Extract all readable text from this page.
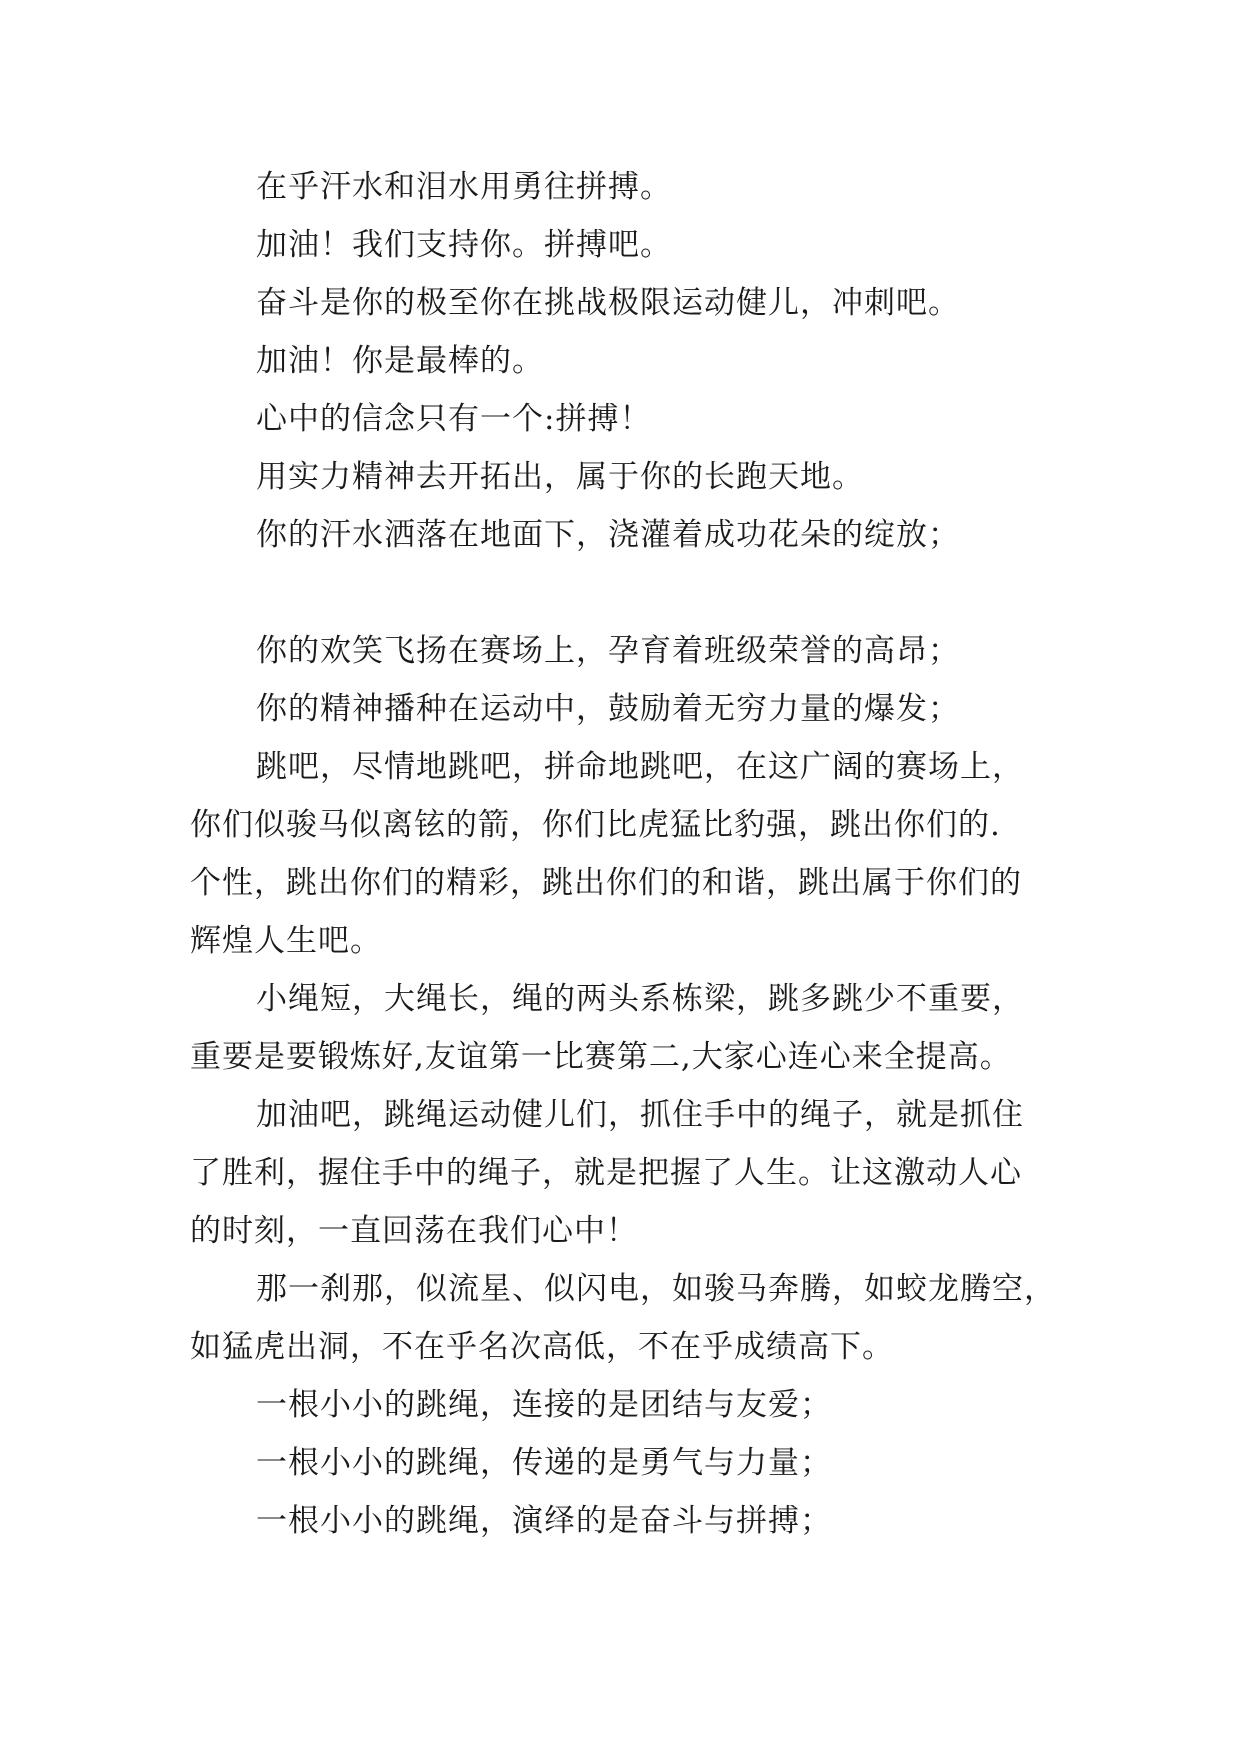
在乎汗水和泪水用勇往拼搏。

加油！我们支持你。拼搏吧。

奋斗是你的极至你在挑战极限运动健儿，冲刺吧。

加油！你是最棒的。

心中的信念只有一个:拼搏！

用实力精神去开拓出，属于你的长跑天地。

你的汗水洒落在地面下，浇灌着成功花朵的绽放；

你的欢笑飞扬在赛场上，孕育着班级荣誉的高昂；

你的精神播种在运动中，鼓励着无穷力量的爆发；

跳吧，尽情地跳吧，拼命地跳吧，在这广阔的赛场上，

你们似骏马似离铉的箭，你们比虎猛比豹强，跳出你们的.

个性，跳出你们的精彩，跳出你们的和谐，跳出属于你们的

辉煌人生吧。

小绳短，大绳长，绳的两头系栋梁，跳多跳少不重要，

重要是要锻炼好,友谊第一比赛第二,大家心连心来全提高。

加油吧，跳绳运动健儿们，抓住手中的绳子，就是抓住

了胜利，握住手中的绳子，就是把握了人生。让这激动人心

的时刻，一直回荡在我们心中！

那一刹那，似流星、似闪电，如骏马奔腾，如蛟龙腾空，

如猛虎出洞，不在乎名次高低，不在乎成绩高下。

一根小小的跳绳，连接的是团结与友爱；

一根小小的跳绳，传递的是勇气与力量；

一根小小的跳绳，演绎的是奋斗与拼搏；
